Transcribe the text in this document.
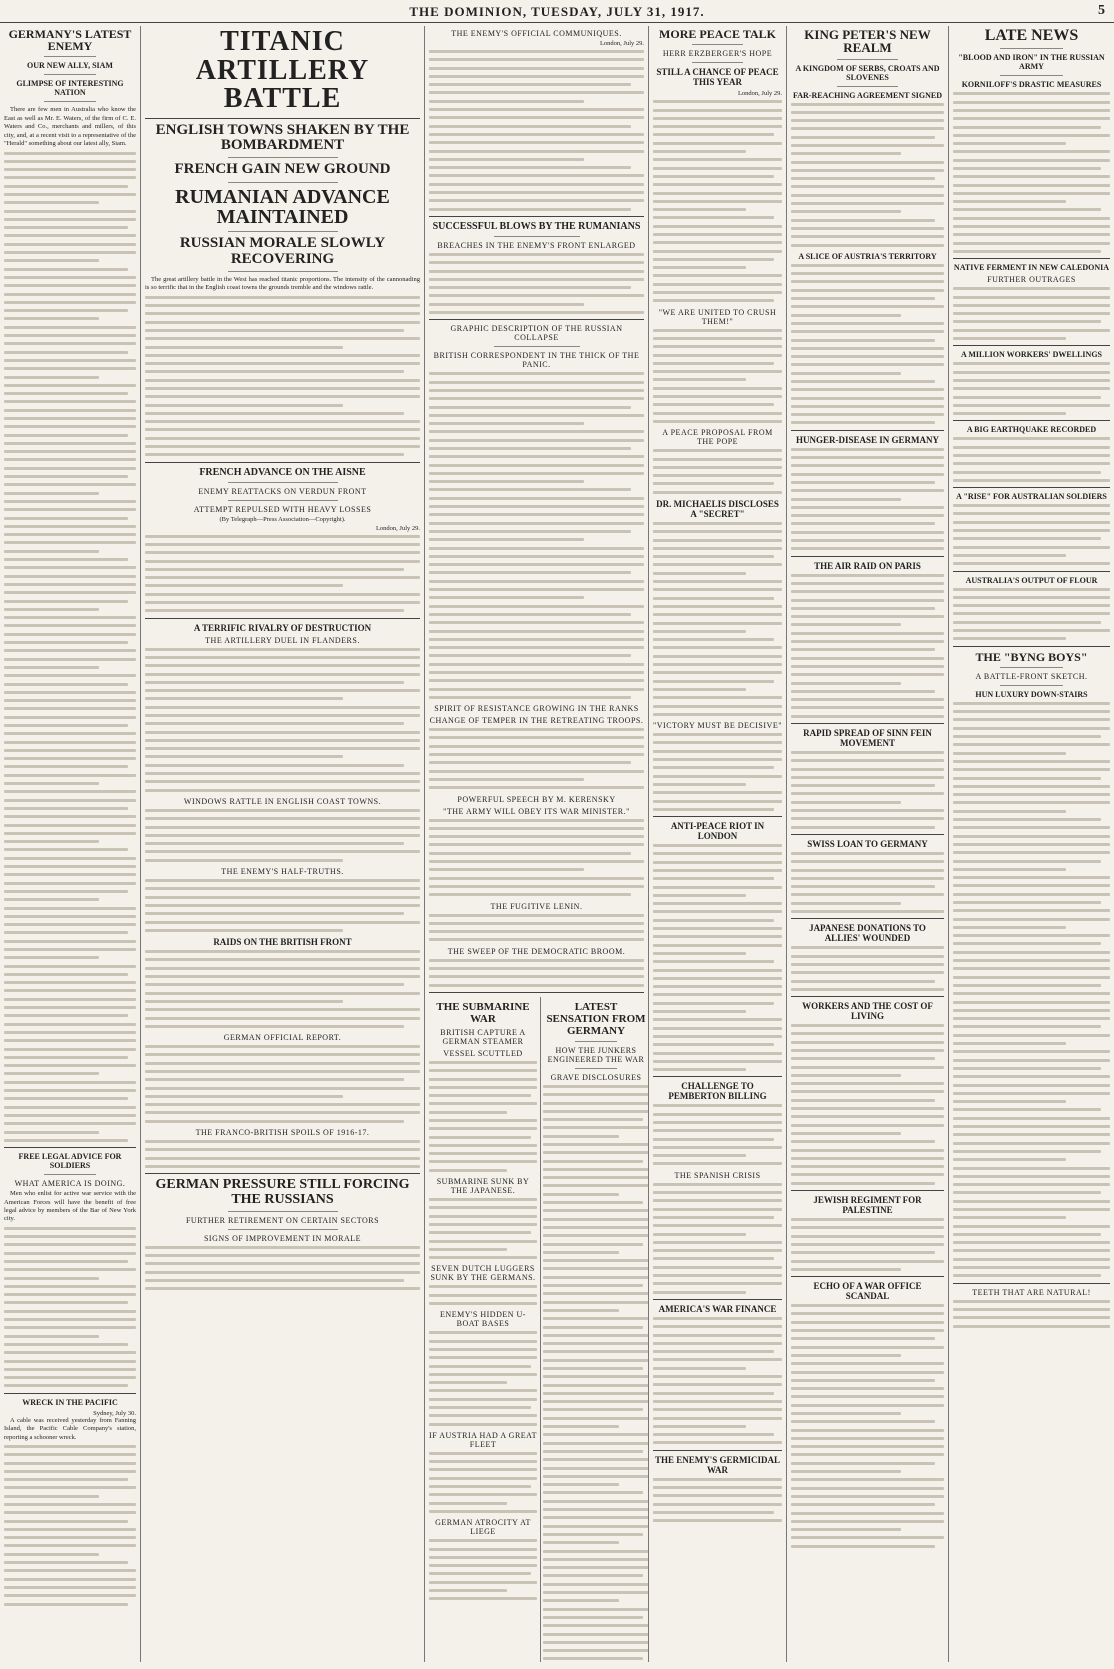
THE DOMINION, TUESDAY, JULY 31, 1917.	5
GERMANY'S LATEST ENEMY
OUR NEW ALLY, SIAM
GLIMPSE OF INTERESTING NATION

There are few men in Australia who know the East as well as Mr. E. Waters, of the firm of C. E. Waters and Co., merchants and millers, of this city, and, at a recent visit to a representative of the "Herald" something about our latest ally, Siam.

FREE LEGAL ADVICE FOR SOLDIERS
WHAT AMERICA IS DOING.

Men who enlist for active war service with the American Forces will have the benefit of free legal advice by members of the Bar of New York city.

WRECK IN THE PACIFIC
Sydney, July 30.

A cable was received yesterday from Fanning Island, the Pacific Cable Company's station, reporting a schooner wreck.

TITANIC ARTILLERY BATTLE
ENGLISH TOWNS SHAKEN BY THE BOMBARDMENT
FRENCH GAIN NEW GROUND
RUMANIAN ADVANCE MAINTAINED
RUSSIAN MORALE SLOWLY RECOVERING

The great artillery battle in the West has reached titanic proportions. The intensity of the cannonading is so terrific that in the English coast towns the grounds tremble and the windows rattle.

FRENCH ADVANCE ON THE AISNE
ENEMY REATTACKS ON VERDUN FRONT
ATTEMPT REPULSED WITH HEAVY LOSSES
(By Telegraph—Press Association—Copyright).
London, July 29.
A TERRIFIC RIVALRY OF DESTRUCTION
THE ARTILLERY DUEL IN FLANDERS.
WINDOWS RATTLE IN ENGLISH COAST TOWNS.
THE ENEMY'S HALF-TRUTHS.
RAIDS ON THE BRITISH FRONT
GERMAN OFFICIAL REPORT.
THE FRANCO-BRITISH SPOILS OF 1916-17.
GERMAN PRESSURE STILL FORCING THE RUSSIANS
FURTHER RETIREMENT ON CERTAIN SECTORS
SIGNS OF IMPROVEMENT IN MORALE
THE ENEMY'S OFFICIAL COMMUNIQUES.
London, July 29.
SUCCESSFUL BLOWS BY THE RUMANIANS
BREACHES IN THE ENEMY'S FRONT ENLARGED
GRAPHIC DESCRIPTION OF THE RUSSIAN COLLAPSE
BRITISH CORRESPONDENT IN THE THICK OF THE PANIC.
SPIRIT OF RESISTANCE GROWING IN THE RANKS
CHANGE OF TEMPER IN THE RETREATING TROOPS.
POWERFUL SPEECH BY M. KERENSKY
"THE ARMY WILL OBEY ITS WAR MINISTER."
THE FUGITIVE LENIN.
THE SWEEP OF THE DEMOCRATIC BROOM.
THE SUBMARINE WAR
BRITISH CAPTURE A GERMAN STEAMER
VESSEL SCUTTLED
SUBMARINE SUNK BY THE JAPANESE.
SEVEN DUTCH LUGGERS SUNK BY THE GERMANS.
ENEMY'S HIDDEN U-BOAT BASES
IF AUSTRIA HAD A GREAT FLEET
GERMAN ATROCITY AT LIEGE
LATEST SENSATION FROM GERMANY
HOW THE JUNKERS ENGINEERED THE WAR
GRAVE DISCLOSURES
MORE PEACE TALK
HERR ERZBERGER'S HOPE
STILL A CHANCE OF PEACE THIS YEAR
London, July 29.
"WE ARE UNITED TO CRUSH THEM!"
A PEACE PROPOSAL FROM THE POPE
DR. MICHAELIS DISCLOSES A "SECRET"
"VICTORY MUST BE DECISIVE"
ANTI-PEACE RIOT IN LONDON
CHALLENGE TO PEMBERTON BILLING
THE SPANISH CRISIS
AMERICA'S WAR FINANCE
THE ENEMY'S GERMICIDAL WAR
KING PETER'S NEW REALM
A KINGDOM OF SERBS, CROATS AND SLOVENES
FAR-REACHING AGREEMENT SIGNED
A SLICE OF AUSTRIA'S TERRITORY
HUNGER-DISEASE IN GERMANY
THE AIR RAID ON PARIS
RAPID SPREAD OF SINN FEIN MOVEMENT
SWISS LOAN TO GERMANY
JAPANESE DONATIONS TO ALLIES' WOUNDED
WORKERS AND THE COST OF LIVING
JEWISH REGIMENT FOR PALESTINE
ECHO OF A WAR OFFICE SCANDAL
LATE NEWS
"BLOOD AND IRON" IN THE RUSSIAN ARMY
KORNILOFF'S DRASTIC MEASURES
NATIVE FERMENT IN NEW CALEDONIA
FURTHER OUTRAGES
A MILLION WORKERS' DWELLINGS
A BIG EARTHQUAKE RECORDED
A "RISE" FOR AUSTRALIAN SOLDIERS
AUSTRALIA'S OUTPUT OF FLOUR
THE "BYNG BOYS"
A BATTLE-FRONT SKETCH.
HUN LUXURY DOWN-STAIRS
TEETH THAT ARE NATURAL!
